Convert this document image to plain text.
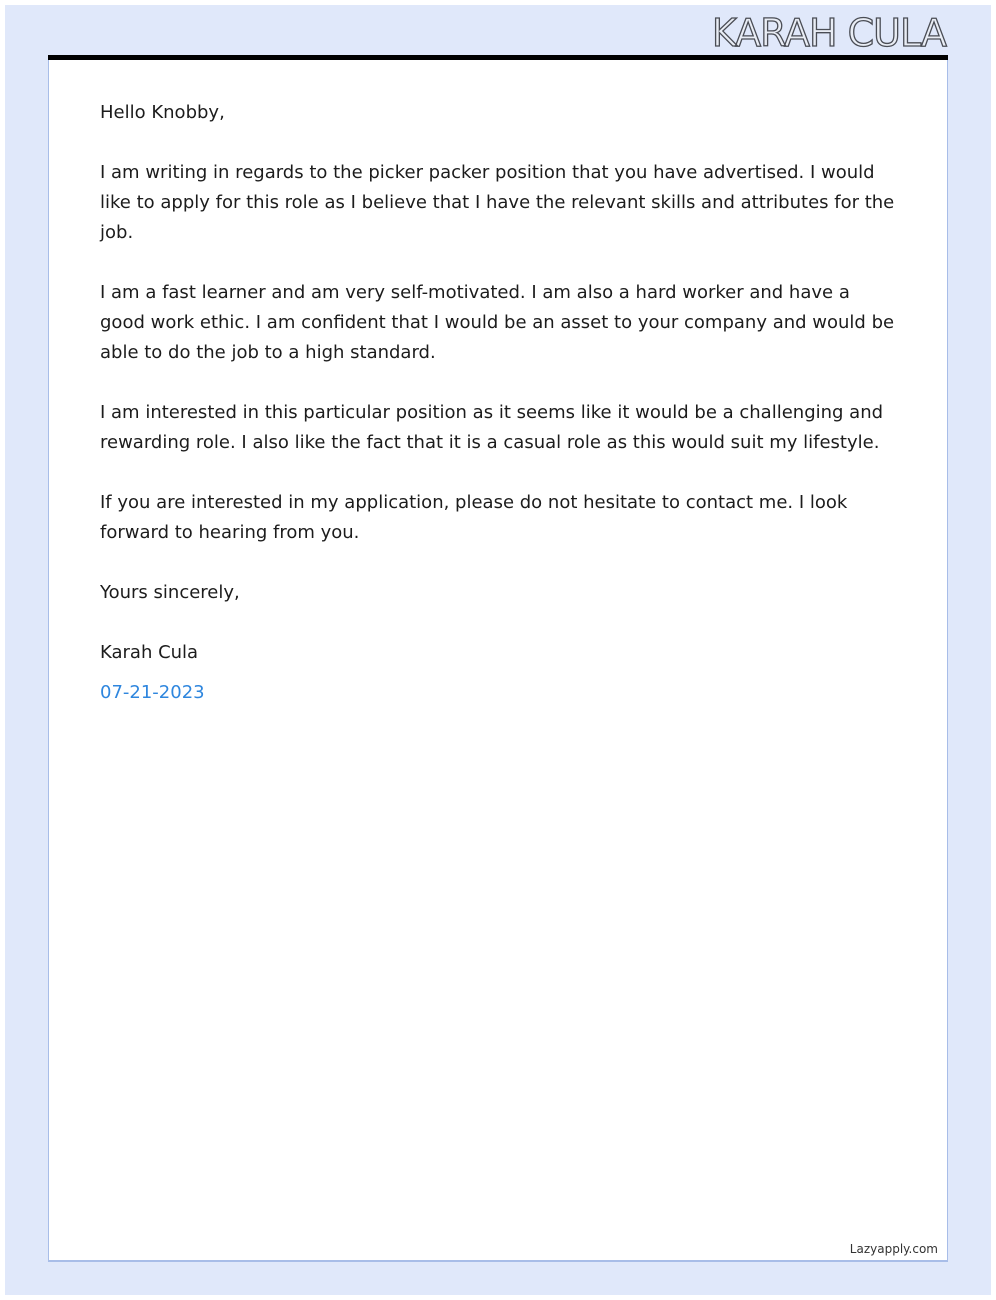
KARAH CULA

Hello Knobby,

I am writing in regards to the picker packer position that you have advertised. I would like to apply for this role as I believe that I have the relevant skills and attributes for the job.

I am a fast learner and am very self-motivated. I am also a hard worker and have a good work ethic. I am confident that I would be an asset to your company and would be able to do the job to a high standard.

I am interested in this particular position as it seems like it would be a challenging and rewarding role. I also like the fact that it is a casual role as this would suit my lifestyle.

If you are interested in my application, please do not hesitate to contact me. I look forward to hearing from you.

Yours sincerely,

Karah Cula

07-21-2023

Lazyapply.com
